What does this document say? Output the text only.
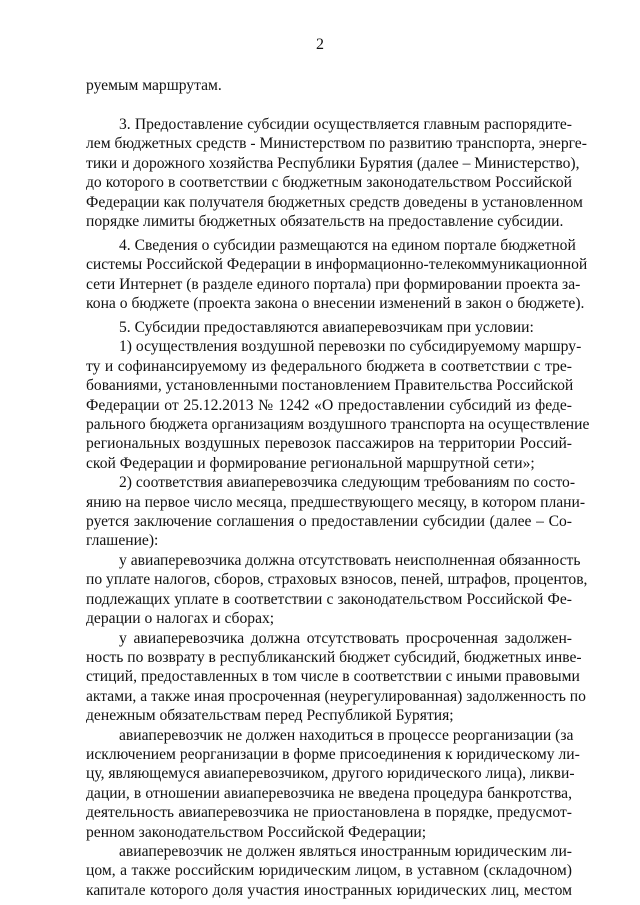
2
руемым маршрутам.
3. Предоставление субсидии осуществляется главным распорядите-
лем бюджетных средств - Министерством по развитию транспорта, энерге-
тики и дорожного хозяйства Республики Бурятия (далее – Министерство),
до которого в соответствии с бюджетным законодательством Российской
Федерации как получателя бюджетных средств доведены в установленном
порядке лимиты бюджетных обязательств на предоставление субсидии.
4. Сведения о субсидии размещаются на едином портале бюджетной
системы Российской Федерации в информационно-телекоммуникационной
сети Интернет (в разделе единого портала) при формировании проекта за-
кона о бюджете (проекта закона о внесении изменений в закон о бюджете).
5. Субсидии предоставляются авиаперевозчикам при условии:
1) осуществления воздушной перевозки по субсидируемому маршру-
ту и софинансируемому из федерального бюджета в соответствии с тре-
бованиями, установленными постановлением Правительства Российской
Федерации от 25.12.2013 № 1242 «О предоставлении субсидий из феде-
рального бюджета организациям воздушного транспорта на осуществление
региональных воздушных перевозок пассажиров на территории Россий-
ской Федерации и формирование региональной маршрутной сети»;
2) соответствия авиаперевозчика следующим требованиям по состо-
янию на первое число месяца, предшествующего месяцу, в котором плани-
руется заключение соглашения о предоставлении субсидии (далее – Со-
глашение):
у авиаперевозчика должна отсутствовать неисполненная обязанность
по уплате налогов, сборов, страховых взносов, пеней, штрафов, процентов,
подлежащих уплате в соответствии с законодательством Российской Фе-
дерации о налогах и сборах;
у авиаперевозчика должна отсутствовать просроченная задолжен-
ность по возврату в республиканский бюджет субсидий, бюджетных инве-
стиций, предоставленных в том числе в соответствии с иными правовыми
актами, а также иная просроченная (неурегулированная) задолженность по
денежным обязательствам перед Республикой Бурятия;
авиаперевозчик не должен находиться в процессе реорганизации (за
исключением реорганизации в форме присоединения к юридическому ли-
цу, являющемуся авиаперевозчиком, другого юридического лица), ликви-
дации, в отношении авиаперевозчика не введена процедура банкротства,
деятельность авиаперевозчика не приостановлена в порядке, предусмот-
ренном законодательством Российской Федерации;
авиаперевозчик не должен являться иностранным юридическим ли-
цом, а также российским юридическим лицом, в уставном (складочном)
капитале которого доля участия иностранных юридических лиц, местом
